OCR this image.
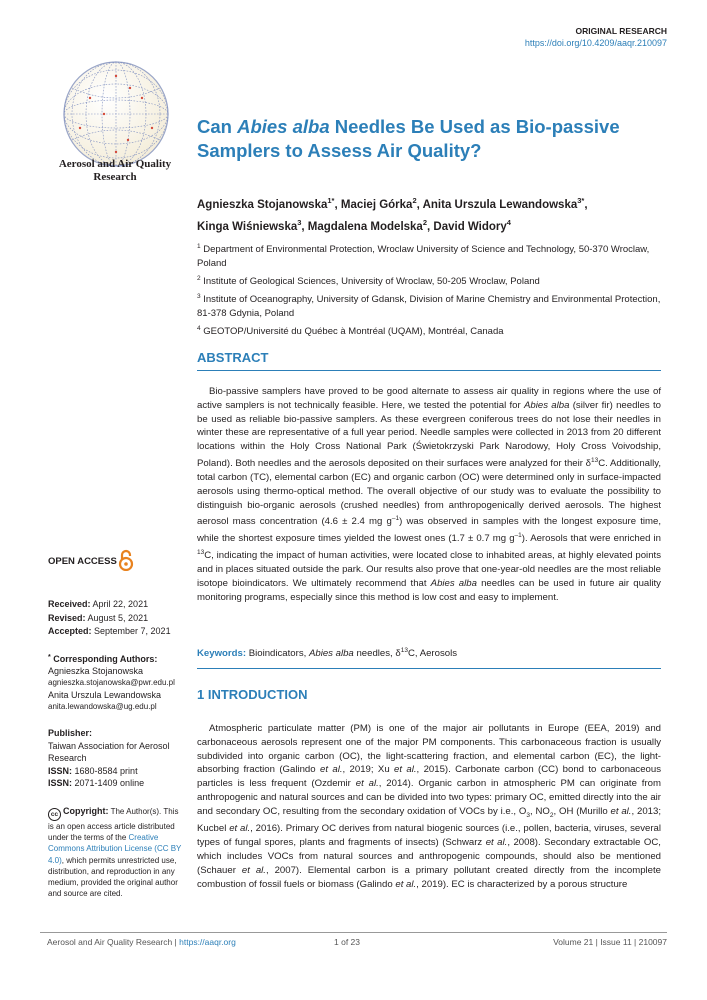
ORIGINAL RESEARCH
https://doi.org/10.4209/aaqr.210097
Aerosol and Air Quality
Research
Can Abies alba Needles Be Used as Bio-passive Samplers to Assess Air Quality?
Agnieszka Stojanowska$^{1*}$, Maciej Górka$^2$, Anita Urszula Lewandowska$^{3*}$,
Kinga Wiśniewska$^3$, Magdalena Modelska$^2$, David Widory$^4$

$^1$ Department of Environmental Protection, Wroclaw University of Science and Technology, 50-370 Wroclaw, Poland

$^2$ Institute of Geological Sciences, University of Wroclaw, 50-205 Wroclaw, Poland

$^3$ Institute of Oceanography, University of Gdansk, Division of Marine Chemistry and Environmental Protection, 81-378 Gdynia, Poland

$^4$ GEOTOP/Université du Québec à Montréal (UQAM), Montréal, Canada

ABSTRACT

Bio-passive samplers have proved to be good alternate to assess air quality in regions where the use of active samplers is not technically feasible. Here, we tested the potential for Abies alba (silver fir) needles to be used as reliable bio-passive samplers. As these evergreen coniferous trees do not lose their needles in winter these are representative of a full year period. Needle samples were collected in 2013 from 20 different locations within the Holy Cross National Park (Świetokrzyski Park Narodowy, Holy Cross Voivodship, Poland). Both needles and the aerosols deposited on their surfaces were analyzed for their $\delta^{13}C$. Additionally, total carbon (TC), elemental carbon (EC) and organic carbon (OC) were determined only in surface-impacted aerosols using thermo-optical method. The overall objective of our study was to evaluate the possibility to distinguish bio-organic aerosols (crushed needles) from anthropogenically derived aerosols. The highest aerosol mass concentration (4.6 ± 2.4 mg $g^{-1}$) was observed in samples with the longest exposure time, while the shortest exposure times yielded the lowest ones (1.7 ± 0.7 mg $g^{-1}$). Aerosols that were enriched in $^{13}$C, indicating the impact of human activities, were located close to inhabited areas, at highly elevated points and in places situated outside the park. Our results also prove that one-year-old needles are the most reliable isotope bioindicators. We ultimately recommend that Abies alba needles can be used in future air quality monitoring programs, especially since this method is low cost and easy to implement.

Keywords: Bioindicators, Abies alba needles, $\delta^{13}C$, Aerosols
1 INTRODUCTION

Atmospheric particulate matter (PM) is one of the major air pollutants in Europe (EEA, 2019) and carbonaceous aerosols represent one of the major PM components. This carbonaceous fraction is usually subdivided into organic carbon (OC), the light-scattering fraction, and elemental carbon (EC), the light-absorbing fraction (Galindo et al., 2019; Xu et al., 2015). Carbonate carbon (CC) bond to carbonaceous particles is less frequent (Ozdemir et al., 2014). Organic carbon in atmospheric PM can originate from anthropogenic and natural sources and can be divided into two types: primary OC, emitted directly into the air and secondary OC, resulting from the secondary oxidation of VOCs by i.e., $O_3$, $NO_2$, OH (Murillo et al., 2013; Kucbel et al., 2016). Primary OC derives from natural biogenic sources (i.e., pollen, bacteria, viruses, several types of fungal spores, plants and fragments of insects) (Schwarz et al., 2008). Secondary extractable OC, which includes VOCs from natural sources and anthropogenic compounds, should also be mentioned (Schauer et al., 2007). Elemental carbon is a primary pollutant created directly from the incomplete combustion of fossil fuels or biomass (Galindo et al., 2019). EC is characterized by a porous structure

OPEN ACCESS
Received: April 22, 2021
Revised: August 5, 2021
Accepted: September 7, 2021
* Corresponding Authors:
Agnieszka Stojanowska
agnieszka.stojanowska@pwr.edu.pl
Anita Urszula Lewandowska
anita.lewandowska@ug.edu.pl
Publisher:
Taiwan Association for Aerosol
Research
ISSN: 1680-8584 print
ISSN: 2071-1409 online
cc Copyright: The Author(s). This is an open access article distributed under the terms of the Creative Commons Attribution License (CC BY 4.0), which permits unrestricted use, distribution, and reproduction in any medium, provided the original author and source are cited.
Aerosol and Air Quality Research | https://aaqr.org	1 of 23	Volume 21 | Issue 11 | 210097
